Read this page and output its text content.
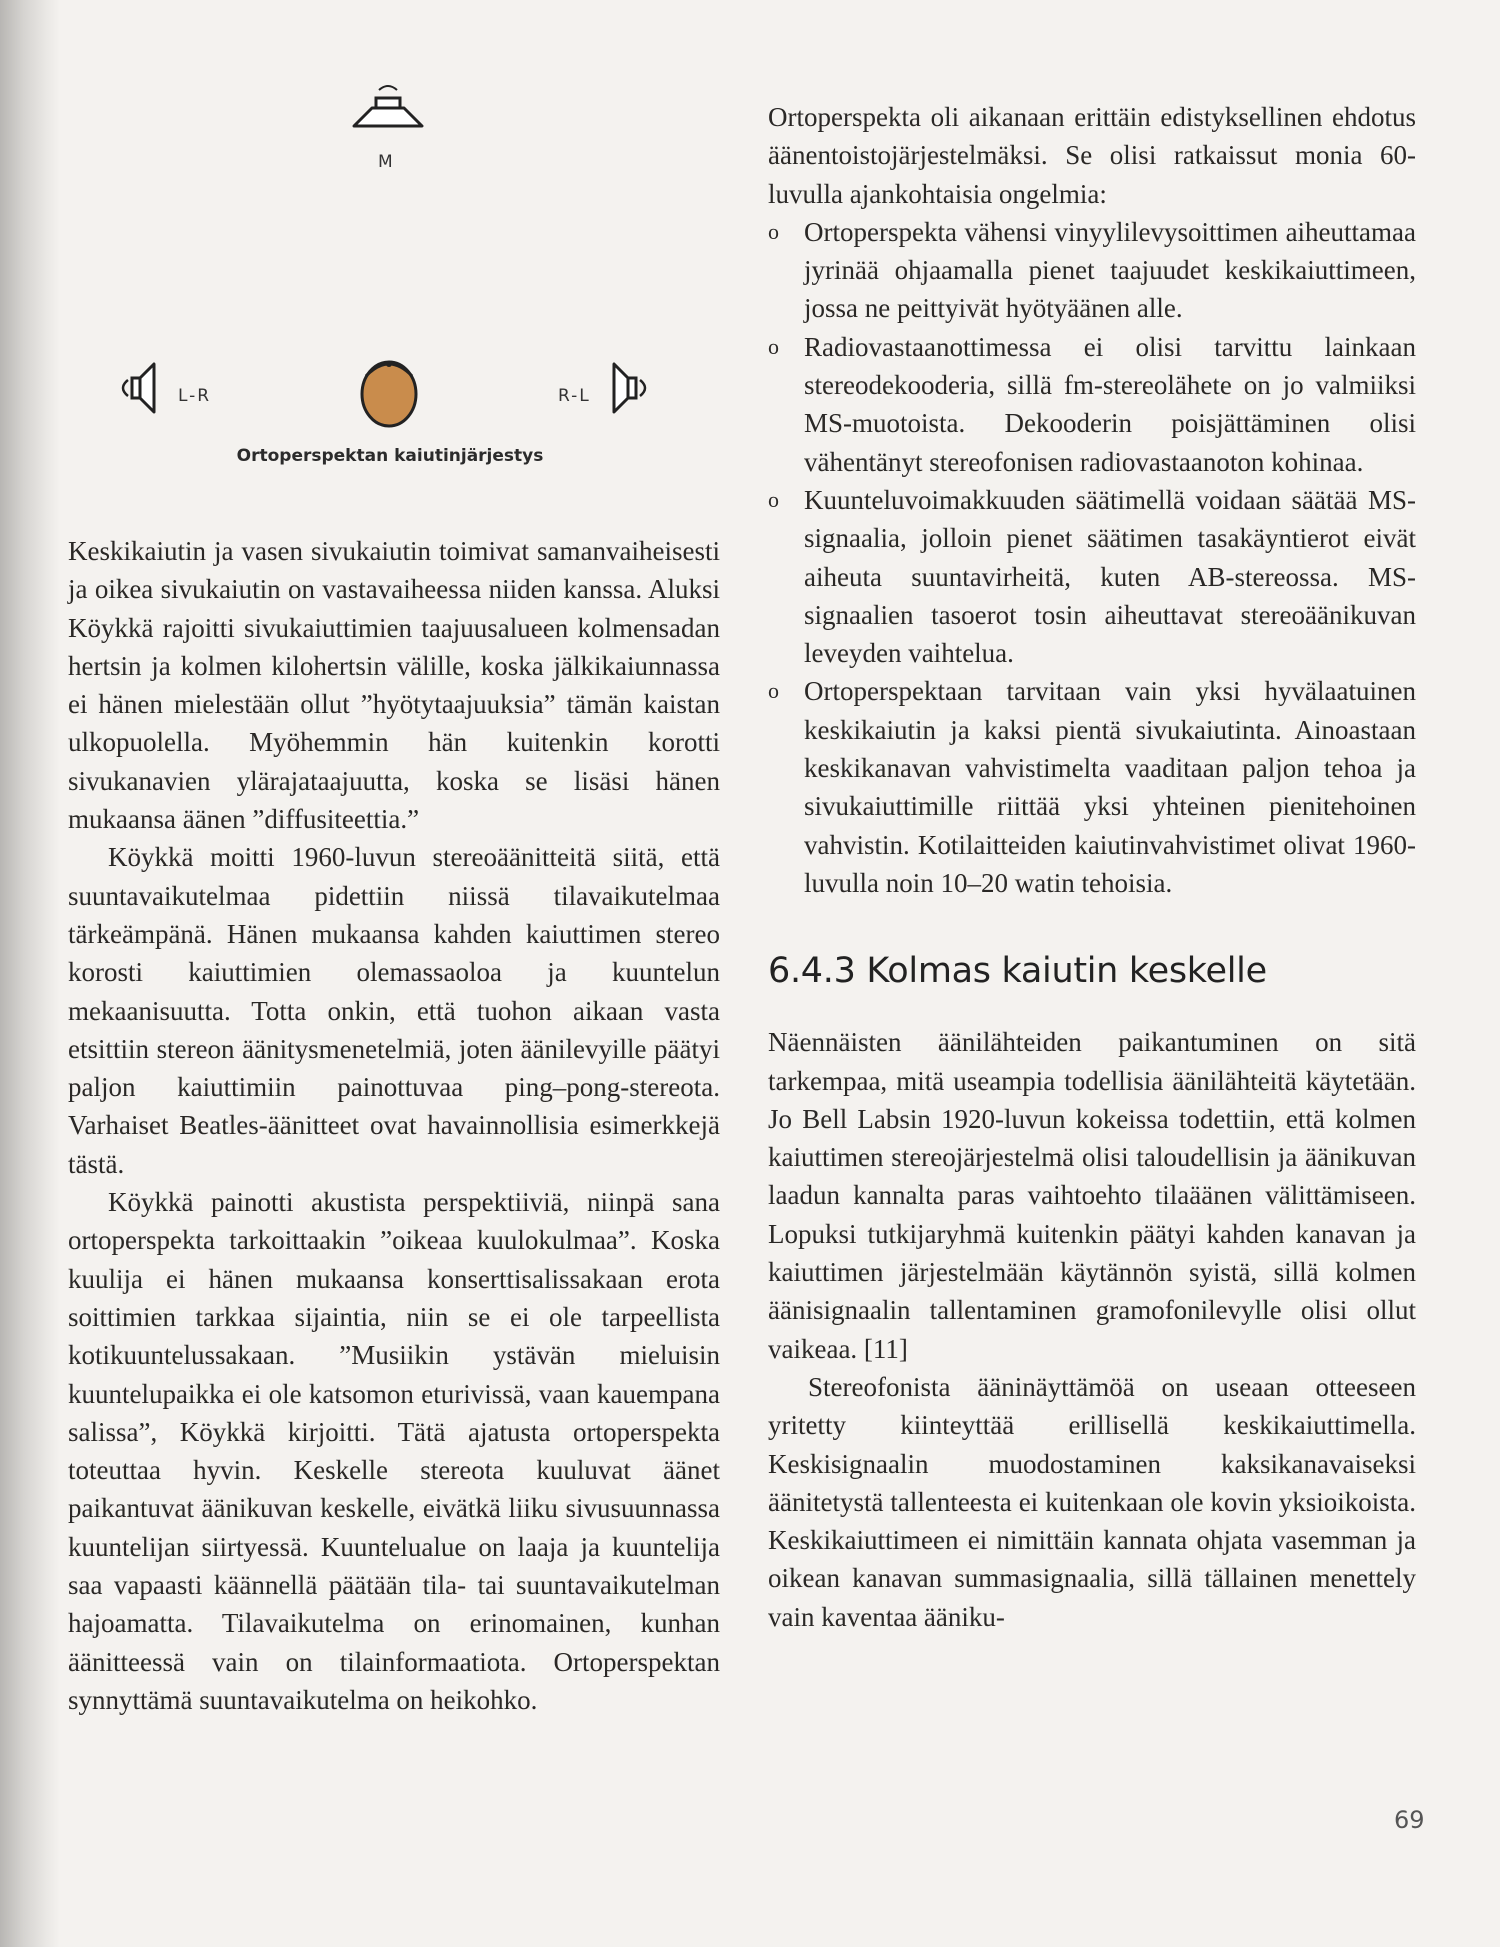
M
L-R	R-L
Ortoperspektan kaiutinjärjestys

Keskikaiutin ja vasen sivukaiutin toimivat samanvaiheisesti ja oikea sivukaiutin on vastavaiheessa niiden kanssa. Aluksi Köykkä rajoitti sivukaiuttimien taajuusalueen kolmensadan hertsin ja kolmen kilohertsin välille, koska jälkikaiunnassa ei hänen mielestään ollut ”hyötytaajuuksia” tämän kaistan ulkopuolella. Myöhemmin hän kuitenkin korotti sivukanavien ylärajataajuutta, koska se lisäsi hänen mukaansa äänen ”diffusiteettia.”

Köykkä moitti 1960-luvun stereoäänitteitä siitä, että suuntavaikutelmaa pidettiin niissä tilavaikutelmaa tärkeämpänä. Hänen mukaansa kahden kaiuttimen stereo korosti kaiuttimien olemassaoloa ja kuuntelun mekaanisuutta. Totta onkin, että tuohon aikaan vasta etsittiin stereon äänitysmenetelmiä, joten äänilevyille päätyi paljon kaiuttimiin painottuvaa ping–pong-stereota. Varhaiset Beatles-äänitteet ovat havainnollisia esimerkkejä tästä.

Köykkä painotti akustista perspektiiviä, niinpä sana ortoperspekta tarkoittaakin ”oikeaa kuulokulmaa”. Koska kuulija ei hänen mukaansa konserttisalissakaan erota soittimien tarkkaa sijaintia, niin se ei ole tarpeellista kotikuuntelussakaan. ”Musiikin ystävän mieluisin kuuntelupaikka ei ole katsomon eturivissä, vaan kauempana salissa”, Köykkä kirjoitti. Tätä ajatusta ortoperspekta toteuttaa hyvin. Keskelle stereota kuuluvat äänet paikantuvat äänikuvan keskelle, eivätkä liiku sivusuunnassa kuuntelijan siirtyessä. Kuuntelualue on laaja ja kuuntelija saa vapaasti käännellä päätään tila- tai suuntavaikutelman hajoamatta. Tilavaikutelma on erinomainen, kunhan äänitteessä vain on tilainformaatiota. Ortoperspektan synnyttämä suuntavaikutelma on heikohko.

Ortoperspekta oli aikanaan erittäin edistyksellinen ehdotus äänentoistojärjestelmäksi. Se olisi ratkaissut monia 60-luvulla ajankohtaisia ongelmia:

o Ortoperspekta vähensi vinyylilevysoittimen aiheuttamaa jyrinää ohjaamalla pienet taajuudet keskikaiuttimeen, jossa ne peittyivät hyötyäänen alle.
o Radiovastaanottimessa ei olisi tarvittu lainkaan stereodekooderia, sillä fm-stereolähete on jo valmiiksi MS-muotoista. Dekooderin poisjättäminen olisi vähentänyt stereofonisen radiovastaanoton kohinaa.
o Kuunteluvoimakkuuden säätimellä voidaan säätää MS-signaalia, jolloin pienet säätimen tasakäyntierot eivät aiheuta suuntavirheitä, kuten AB-stereossa. MS-signaalien tasoerot tosin aiheuttavat stereoäänikuvan leveyden vaihtelua.
o Ortoperspektaan tarvitaan vain yksi hyvälaatuinen keskikaiutin ja kaksi pientä sivukaiutinta. Ainoastaan keskikanavan vahvistimelta vaaditaan paljon tehoa ja sivukaiuttimille riittää yksi yhteinen pienitehoinen vahvistin. Kotilaitteiden kaiutinvahvistimet olivat 1960-luvulla noin 10–20 watin tehoisia.
6.4.3 Kolmas kaiutin keskelle

Näennäisten äänilähteiden paikantuminen on sitä tarkempaa, mitä useampia todellisia äänilähteitä käytetään. Jo Bell Labsin 1920-luvun kokeissa todettiin, että kolmen kaiuttimen stereojärjestelmä olisi taloudellisin ja äänikuvan laadun kannalta paras vaihtoehto tilaäänen välittämiseen. Lopuksi tutkijaryhmä kuitenkin päätyi kahden kanavan ja kaiuttimen järjestelmään käytännön syistä, sillä kolmen äänisignaalin tallentaminen gramofonilevylle olisi ollut vaikeaa. [11]

Stereofonista ääninäyttämöä on useaan otteeseen yritetty kiinteyttää erillisellä keskikaiuttimella. Keskisignaalin muodostaminen kaksikanavaiseksi äänitetystä tallenteesta ei kuitenkaan ole kovin yksioikoista. Keskikaiuttimeen ei nimittäin kannata ohjata vasemman ja oikean kanavan summasignaalia, sillä tällainen menettely vain kaventaa ääniku-

69
